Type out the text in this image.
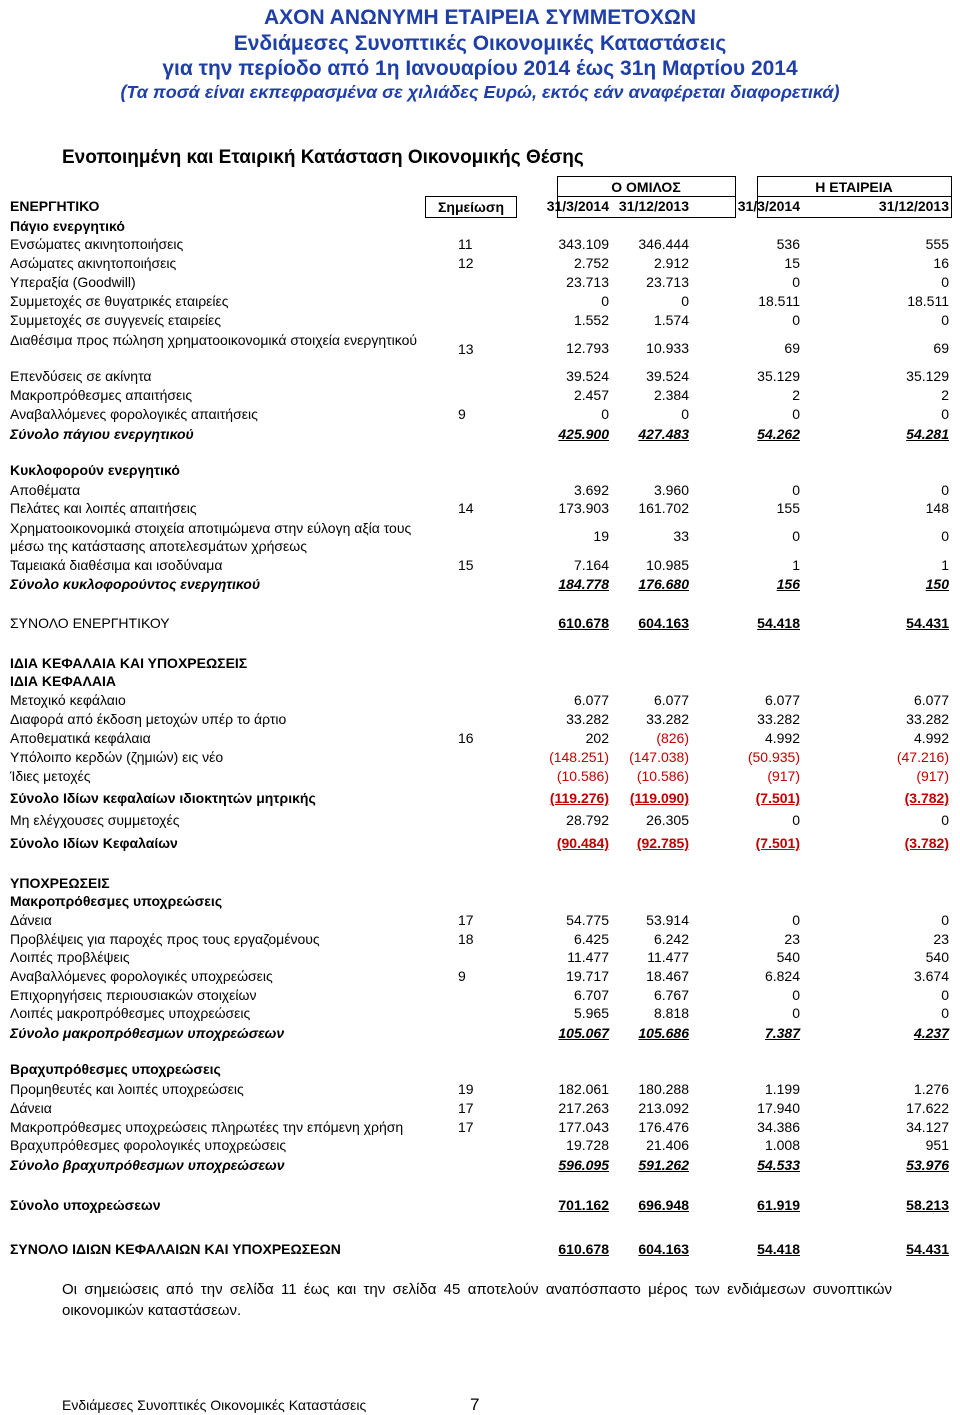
ΑΧΟΝ ΑΝΩΝΥΜΗ ΕΤΑΙΡΕΙΑ ΣΥΜΜΕΤΟΧΩΝ
Ενδιάμεσες Συνοπτικές Οικονομικές Καταστάσεις
για την περίοδο από 1η Ιανουαρίου 2014 έως 31η Μαρτίου 2014
(Τα ποσά είναι εκπεφρασμένα σε χιλιάδες Ευρώ, εκτός εάν αναφέρεται διαφορετικά)
Ενοποιημένη και Εταιρική Κατάσταση Οικονομικής Θέσης
Ο ΟΜΙΛΟΣ	Η ΕΤΑΙΡΕΙΑ
ΕΝΕΡΓΗΤΙΚΟ	Σημείωση	31/3/2014 31/12/2013	31/3/2014	31/12/2013
Πάγιο ενεργητικό
Ενσώματες ακινητοποιήσεις	11	343.109 346.444	536	555
Ασώματες ακινητοποιήσεις	12	2.752	2.912	15	16
Υπεραξία (Goodwill)	23.713	23.713	0	0
Συμμετοχές σε θυγατρικές εταιρείες	0	0	18.511	18.511
Συμμετοχές σε συγγενείς εταιρείες	1.552	1.574	0	0
Διαθέσιμα προς πώληση χρηματοοικονομικά στοιχεία ενεργητικού
13	12.793	10.933	69	69
Επενδύσεις σε ακίνητα	39.524	39.524	35.129	35.129
Μακροπρόθεσμες απαιτήσεις	2.457	2.384	2	2
Αναβαλλόμενες φορολογικές απαιτήσεις	9	0	0	0	0
Σύνολο πάγιου ενεργητικού	425.900 427.483	54.262	54.281
Κυκλοφορούν ενεργητικό
Αποθέματα	3.692	3.960	0	0
Πελάτες και λοιπές απαιτήσεις	14	173.903 161.702	155	148
Χρηματοοικονομικά στοιχεία αποτιμώμενα στην εύλογη αξία τους μέσω της κατάστασης αποτελεσμάτων χρήσεως
19	33	0	0
Ταμειακά διαθέσιμα και ισοδύναμα	15	7.164	10.985	1	1
Σύνολο κυκλοφορούντος ενεργητικού	184.778 176.680	156	150
ΣΥΝΟΛΟ ΕΝΕΡΓΗΤΙΚΟΥ	610.678 604.163	54.418	54.431
ΙΔΙΑ ΚΕΦΑΛΑΙΑ ΚΑΙ ΥΠΟΧΡΕΩΣΕΙΣ
ΙΔΙΑ ΚΕΦΑΛΑΙΑ
Μετοχικό κεφάλαιο	6.077	6.077	6.077	6.077
Διαφορά από έκδοση μετοχών υπέρ το άρτιο	33.282	33.282	33.282	33.282
Αποθεματικά κεφάλαια	16	202	(826)	4.992	4.992
Υπόλοιπο κερδών (ζημιών) εις νέο	(148.251) (147.038)	(50.935)	(47.216)
Ίδιες μετοχές	(10.586) (10.586)	(917)	(917)
Σύνολο Ιδίων κεφαλαίων ιδιοκτητών μητρικής	(119.276) (119.090)	(7.501)	(3.782)
Μη ελέγχουσες συμμετοχές	28.792	26.305	0	0
Σύνολο Ιδίων Κεφαλαίων	(90.484) (92.785)	(7.501)	(3.782)
ΥΠΟΧΡΕΩΣΕΙΣ
Μακροπρόθεσμες υποχρεώσεις
Δάνεια	17	54.775	53.914	0	0
Προβλέψεις για παροχές προς τους εργαζομένους	18	6.425	6.242	23	23
Λοιπές προβλέψεις	11.477	11.477	540	540
Αναβαλλόμενες φορολογικές υποχρεώσεις	9	19.717	18.467	6.824	3.674
Επιχορηγήσεις περιουσιακών στοιχείων	6.707	6.767	0	0
Λοιπές μακροπρόθεσμες υποχρεώσεις	5.965	8.818	0	0
Σύνολο μακροπρόθεσμων υποχρεώσεων	105.067 105.686	7.387	4.237
Βραχυπρόθεσμες υποχρεώσεις
Προμηθευτές και λοιπές υποχρεώσεις	19	182.061 180.288	1.199	1.276
Δάνεια	17	217.263 213.092	17.940	17.622
Μακροπρόθεσμες υποχρεώσεις πληρωτέες την επόμενη χρήση	17	177.043 176.476	34.386	34.127
Βραχυπρόθεσμες φορολογικές υποχρεώσεις	19.728	21.406	1.008	951
Σύνολο βραχυπρόθεσμων υποχρεώσεων	596.095 591.262	54.533	53.976
Σύνολο υποχρεώσεων	701.162 696.948	61.919	58.213
ΣΥΝΟΛΟ ΙΔΙΩΝ ΚΕΦΑΛΑΙΩΝ ΚΑΙ ΥΠΟΧΡΕΩΣΕΩΝ	610.678 604.163	54.418	54.431
Οι σημειώσεις από την σελίδα 11 έως και την σελίδα 45 αποτελούν αναπόσπαστο μέρος των ενδιάμεσων συνοπτικών οικονομικών καταστάσεων.
Ενδιάμεσες Συνοπτικές Οικονομικές Καταστάσεις	7
